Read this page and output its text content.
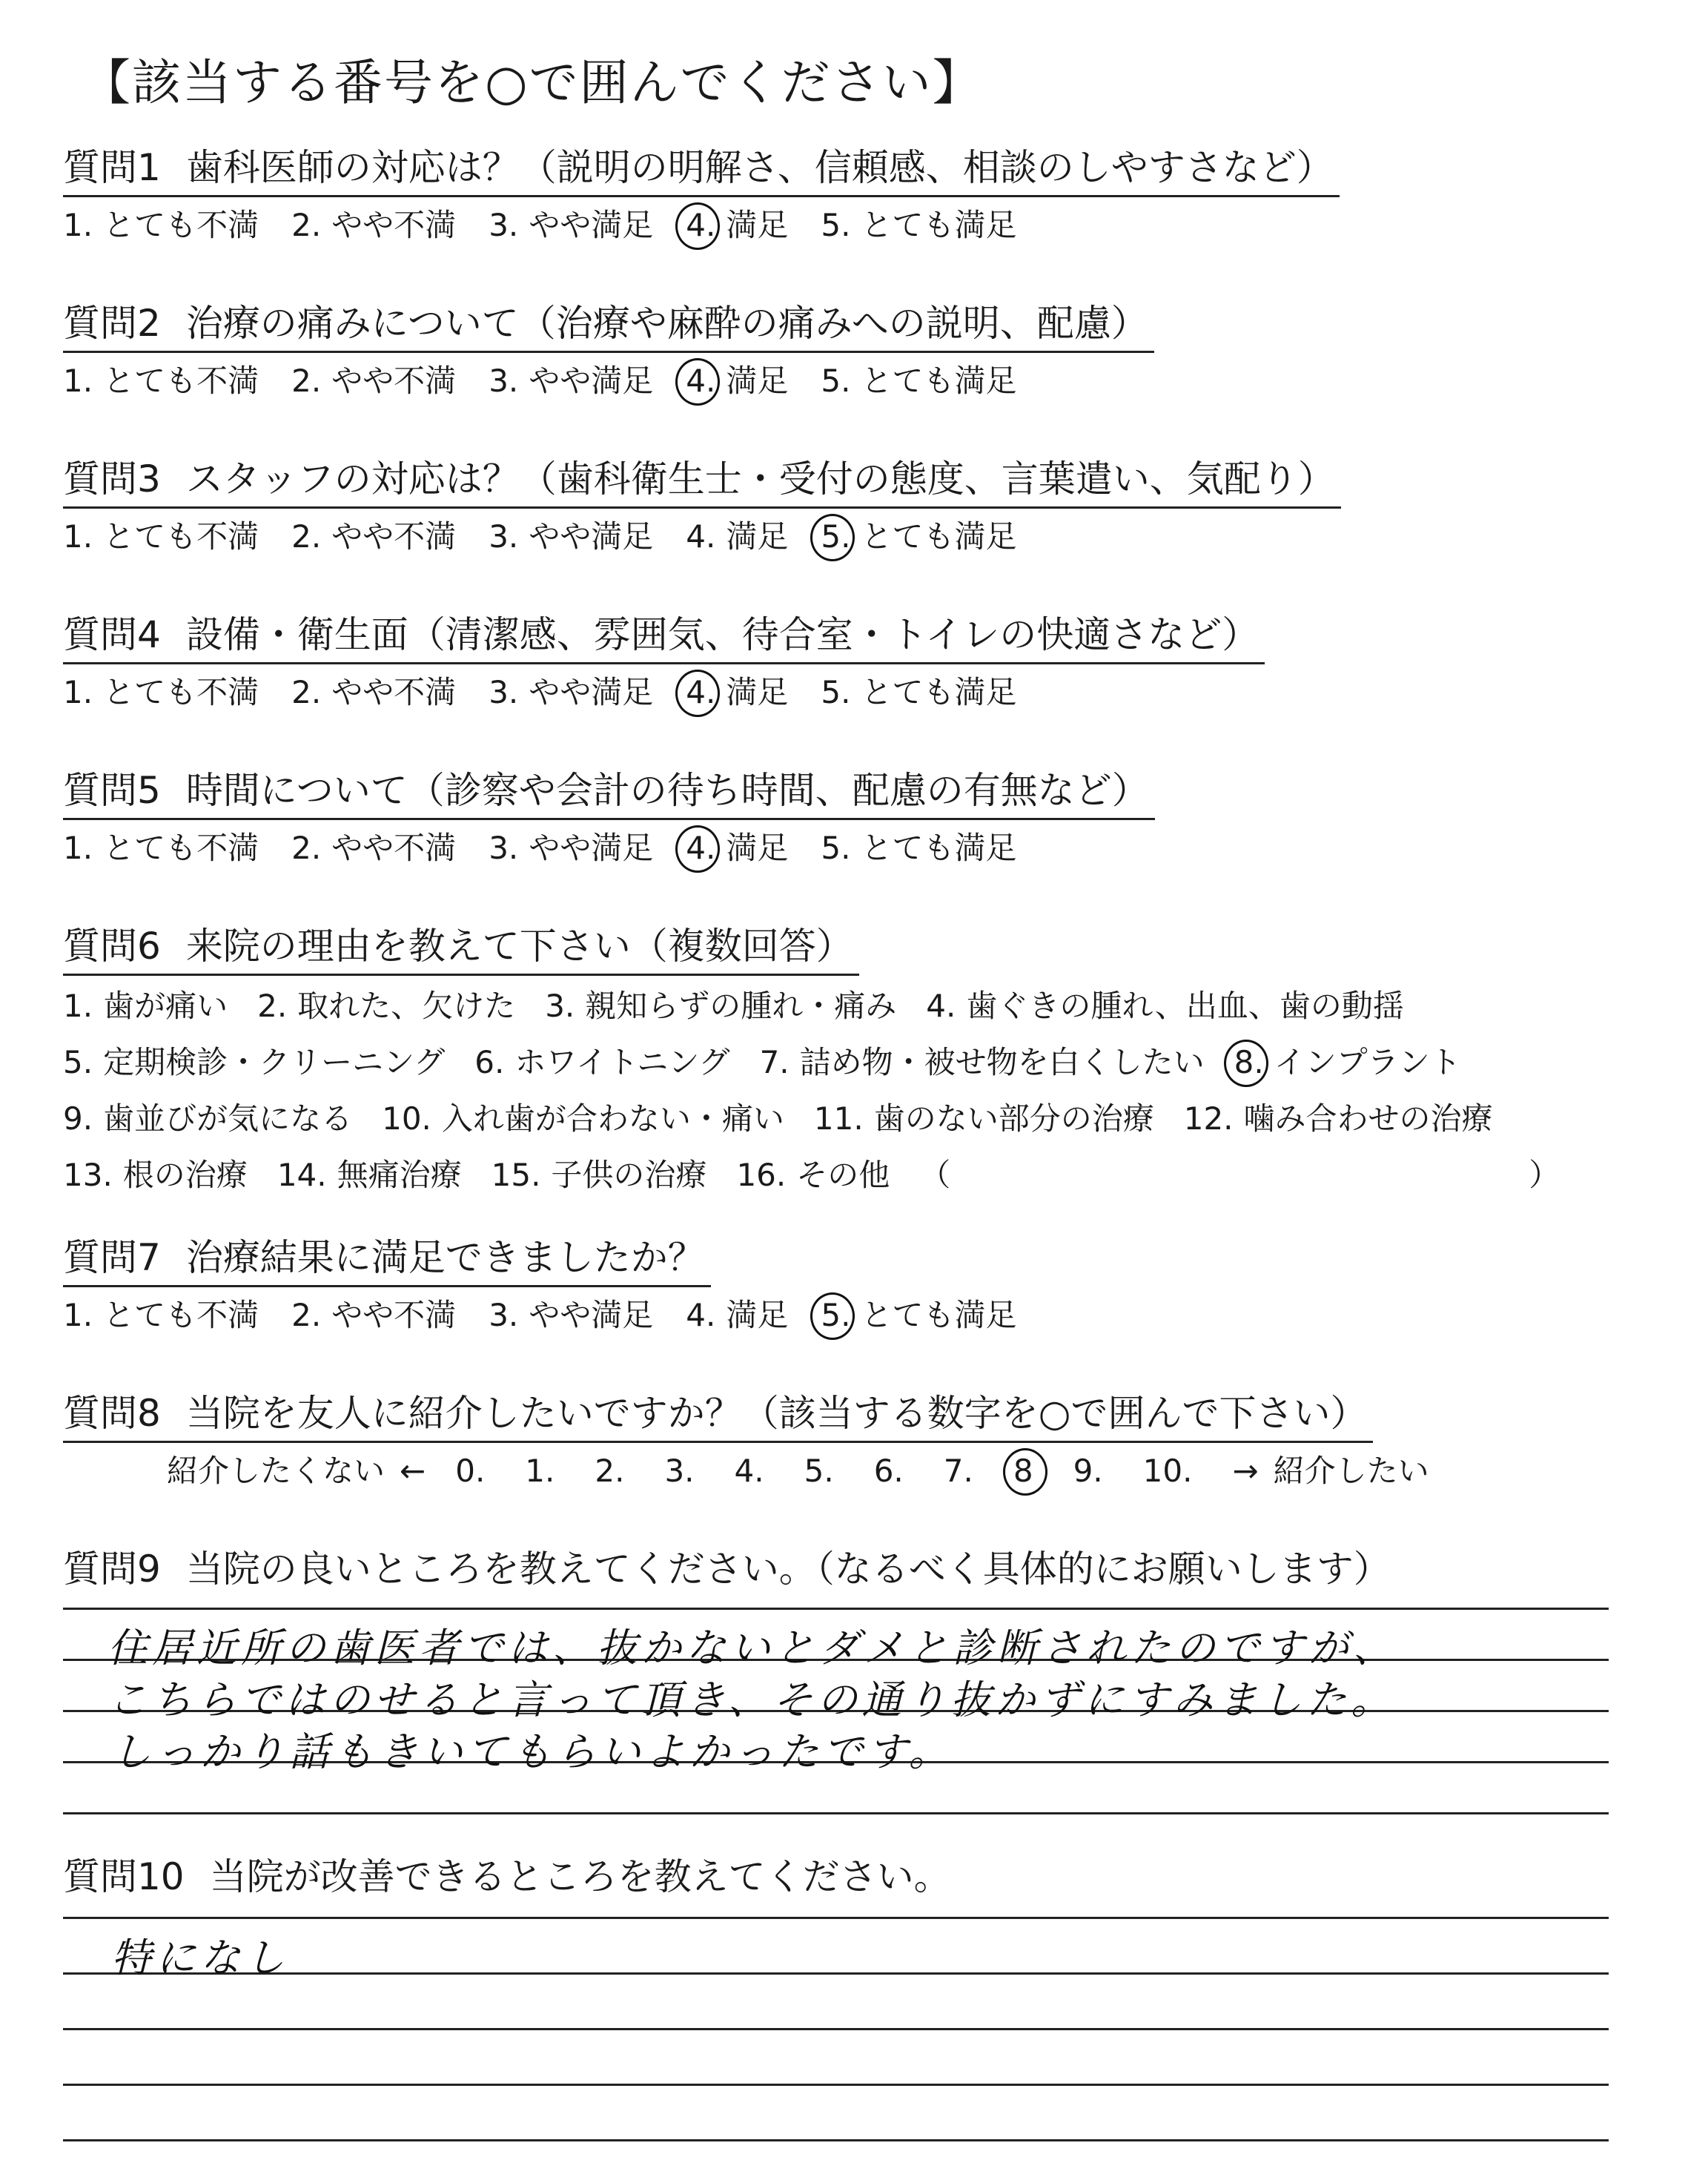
【該当する番号を○で囲んでください】
質問1 歯科医師の対応は？（説明の明解さ、信頼感、相談のしやすさなど）
1. とても不満 2. やや不満 3. やや満足 4. 満足 5. とても満足
質問2 治療の痛みについて（治療や麻酔の痛みへの説明、配慮）
1. とても不満 2. やや不満 3. やや満足 4. 満足 5. とても満足
質問3 スタッフの対応は？（歯科衛生士・受付の態度、言葉遣い、気配り）
1. とても不満 2. やや不満 3. やや満足 4. 満足 5. とても満足
質問4 設備・衛生面（清潔感、雰囲気、待合室・トイレの快適さなど）
1. とても不満 2. やや不満 3. やや満足 4. 満足 5. とても満足
質問5 時間について（診察や会計の待ち時間、配慮の有無など）
1. とても不満 2. やや不満 3. やや満足 4. 満足 5. とても満足
質問6 来院の理由を教えて下さい（複数回答）
1. 歯が痛い 2. 取れた、欠けた 3. 親知らずの腫れ・痛み 4. 歯ぐきの腫れ、出血、歯の動揺
5. 定期検診・クリーニング 6. ホワイトニング 7. 詰め物・被せ物を白くしたい 8. インプラント
9. 歯並びが気になる 10. 入れ歯が合わない・痛い 11. 歯のない部分の治療 12. 噛み合わせの治療
13. 根の治療 14. 無痛治療 15. 子供の治療 16. その他 （	）
質問7 治療結果に満足できましたか？
1. とても不満 2. やや不満 3. やや満足 4. 満足 5. とても満足
質問8 当院を友人に紹介したいですか？（該当する数字を○で囲んで下さい）
紹介したくない ← 0. 1. 2. 3. 4. 5. 6. 7. 8 9. 10. → 紹介したい
質問9 当院の良いところを教えてください。（なるべく具体的にお願いします）
住居近所の歯医者では、抜かないとダメと診断されたのですが、
こちらではのせると言って頂き、その通り抜かずにすみました。
しっかり話もきいてもらいよかったです。
質問10 当院が改善できるところを教えてください。
特になし
